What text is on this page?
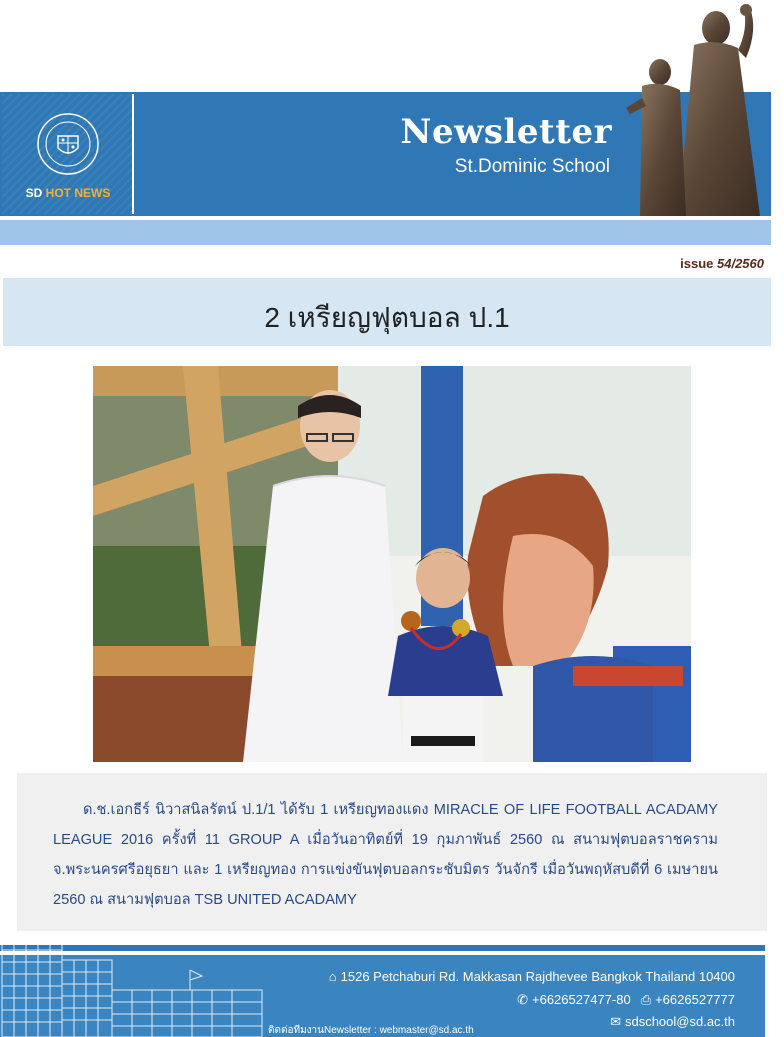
SD HOT NEWS
Newsletter
St.Dominic School
issue 54/2560
2 เหรียญฟุตบอล ป.1

ด.ช.เอกธีร์ นิวาสนิลรัตน์ ป.1/1 ได้รับ 1 เหรียญทองแดง MIRACLE OF LIFE FOOTBALL ACADAMY LEAGUE 2016 ครั้งที่ 11 GROUP A เมื่อวันอาทิตย์ที่ 19 กุมภาพันธ์ 2560 ณ สนามฟุตบอลราชคราม จ.พระนครศรีอยุธยา และ 1 เหรียญทอง การแข่งขันฟุตบอลกระชับมิตร วันจักรี เมื่อวันพฤหัสบดีที่ 6 เมษายน 2560 ณ สนามฟุตบอล TSB UNITED ACADAMY

⌂ 1526 Petchaburi Rd. Makkasan Rajdhevee Bangkok Thailand 10400
✆ +6626527477-80 ⎙ +6626527777
✉ sdschool@sd.ac.th
ติดต่อทีมงานNewsletter : webmaster@sd.ac.th
